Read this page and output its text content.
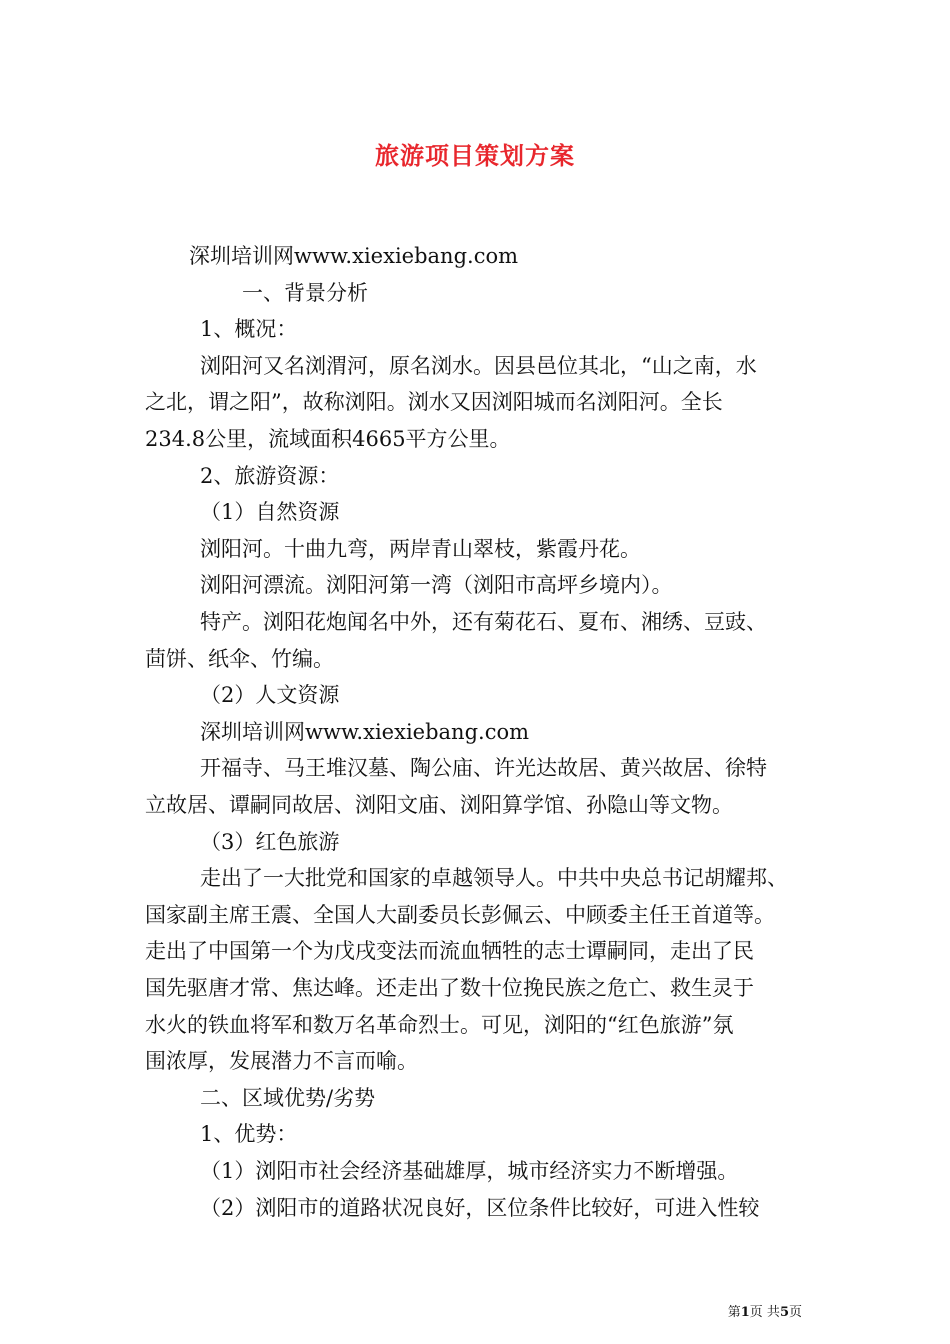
旅游项目策划方案
深圳培训网www.xiexiebang.com
一、背景分析
1、概况：
浏阳河又名浏渭河，原名浏水。因县邑位其北，“山之南，水
之北，谓之阳”，故称浏阳。浏水又因浏阳城而名浏阳河。全长
234.8公里，流域面积4665平方公里。
2、旅游资源：
（1）自然资源
浏阳河。十曲九弯，两岸青山翠枝，紫霞丹花。
浏阳河漂流。浏阳河第一湾（浏阳市高坪乡境内）。
特产。浏阳花炮闻名中外，还有菊花石、夏布、湘绣、豆豉、
茴饼、纸伞、竹编。
（2）人文资源
深圳培训网www.xiexiebang.com
开福寺、马王堆汉墓、陶公庙、许光达故居、黄兴故居、徐特
立故居、谭嗣同故居、浏阳文庙、浏阳算学馆、孙隐山等文物。
（3）红色旅游
走出了一大批党和国家的卓越领导人。中共中央总书记胡耀邦、
国家副主席王震、全国人大副委员长彭佩云、中顾委主任王首道等。
走出了中国第一个为戊戌变法而流血牺牲的志士谭嗣同，走出了民
国先驱唐才常、焦达峰。还走出了数十位挽民族之危亡、救生灵于
水火的铁血将军和数万名革命烈士。可见，浏阳的“红色旅游”氛
围浓厚，发展潜力不言而喻。
二、区域优势/劣势
1、优势：
（1）浏阳市社会经济基础雄厚，城市经济实力不断增强。
（2）浏阳市的道路状况良好，区位条件比较好，可进入性较
第1页 共5页
